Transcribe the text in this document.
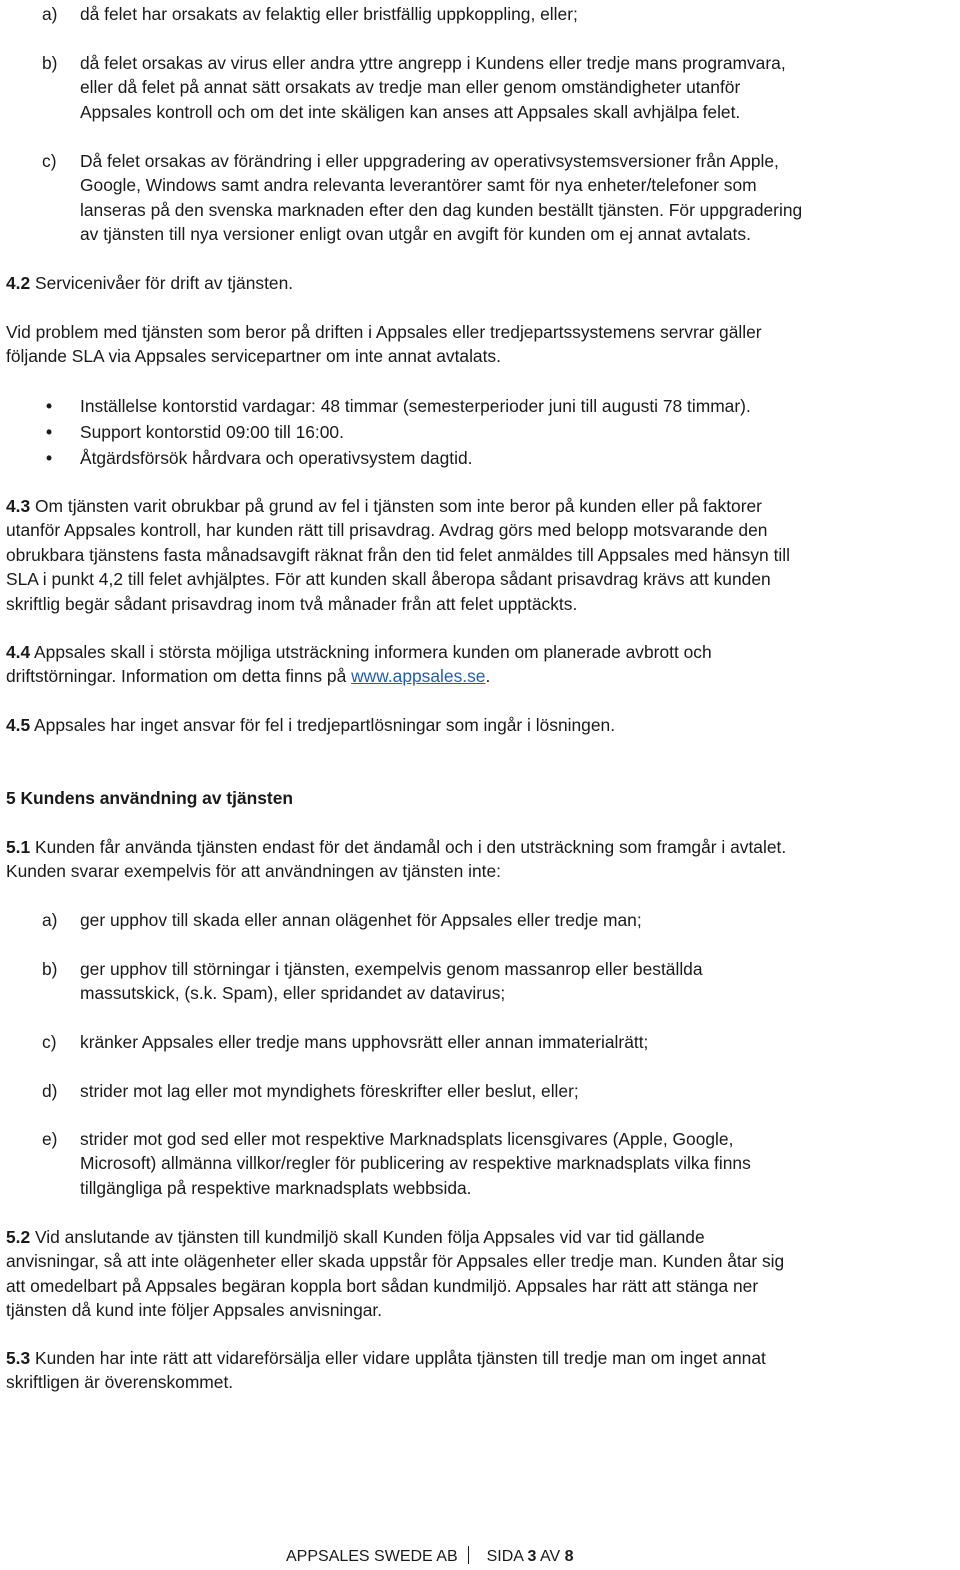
a) då felet har orsakats av felaktig eller bristfällig uppkoppling, eller;
b) då felet orsakas av virus eller andra yttre angrepp i Kundens eller tredje mans programvara,
eller då felet på annat sätt orsakats av tredje man eller genom omständigheter utanför
Appsales kontroll och om det inte skäligen kan anses att Appsales skall avhjälpa felet.
c) Då felet orsakas av förändring i eller uppgradering av operativsystemsversioner från Apple,
Google, Windows samt andra relevanta leverantörer samt för nya enheter/telefoner som
lanseras på den svenska marknaden efter den dag kunden beställt tjänsten. För uppgradering
av tjänsten till nya versioner enligt ovan utgår en avgift för kunden om ej annat avtalats.
4.2 Servicenivåer för drift av tjänsten.
Vid problem med tjänsten som beror på driften i Appsales eller tredjepartssystemens servrar gäller
följande SLA via Appsales servicepartner om inte annat avtalats.
• Inställelse kontorstid vardagar: 48 timmar (semesterperioder juni till augusti 78 timmar).
• Support kontorstid 09:00 till 16:00.
• Åtgärdsförsök hårdvara och operativsystem dagtid.
4.3 Om tjänsten varit obrukbar på grund av fel i tjänsten som inte beror på kunden eller på faktorer
utanför Appsales kontroll, har kunden rätt till prisavdrag. Avdrag görs med belopp motsvarande den
obrukbara tjänstens fasta månadsavgift räknat från den tid felet anmäldes till Appsales med hänsyn till
SLA i punkt 4,2 till felet avhjälptes. För att kunden skall åberopa sådant prisavdrag krävs att kunden
skriftlig begär sådant prisavdrag inom två månader från att felet upptäckts.
4.4 Appsales skall i största möjliga utsträckning informera kunden om planerade avbrott och
driftstörningar. Information om detta finns på www.appsales.se.
4.5 Appsales har inget ansvar för fel i tredjepartlösningar som ingår i lösningen.
5 Kundens användning av tjänsten
5.1 Kunden får använda tjänsten endast för det ändamål och i den utsträckning som framgår i avtalet.
Kunden svarar exempelvis för att användningen av tjänsten inte:
a) ger upphov till skada eller annan olägenhet för Appsales eller tredje man;
b) ger upphov till störningar i tjänsten, exempelvis genom massanrop eller beställda
massutskick, (s.k. Spam), eller spridandet av datavirus;
c) kränker Appsales eller tredje mans upphovsrätt eller annan immaterialrätt;
d) strider mot lag eller mot myndighets föreskrifter eller beslut, eller;
e) strider mot god sed eller mot respektive Marknadsplats licensgivares (Apple, Google,
Microsoft) allmänna villkor/regler för publicering av respektive marknadsplats vilka finns
tillgängliga på respektive marknadsplats webbsida.
5.2 Vid anslutande av tjänsten till kundmiljö skall Kunden följa Appsales vid var tid gällande
anvisningar, så att inte olägenheter eller skada uppstår för Appsales eller tredje man. Kunden åtar sig
att omedelbart på Appsales begäran koppla bort sådan kundmiljö. Appsales har rätt att stänga ner
tjänsten då kund inte följer Appsales anvisningar.
5.3 Kunden har inte rätt att vidareförsälja eller vidare upplåta tjänsten till tredje man om inget annat
skriftligen är överenskommet.
APPSALES SWEDE AB SIDA 3 AV 8
